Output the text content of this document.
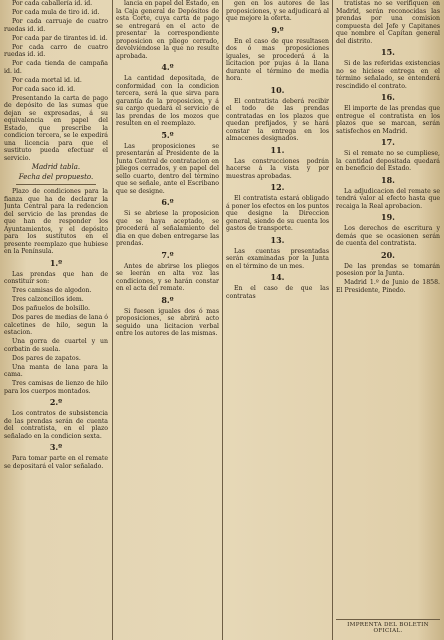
Por cada caballería id. id.

Por cada mula de tiro id. id.

Por cada carruaje de cuatro ruedas id. id.

Por cada par de tirantes id. id.

Por cada carro de cuatro ruedas id. id.

Por cada tienda de campaña id. id.

Por cada mortal id. id.

Por cada saco id. id.

Presentando la carta de pago de depósito de las sumas que dejan se expresadas, á su equivalencia en papel del Estado, que prescribe la condicion tercera, se le expedirá una licencia para que el sustituto pueda efectuar el servicio.

Madrid tabla.
Fecha del propuesto.

Plazo de condiciones para la fianza que ha de declarar la Junta Central para la redencion del servicio de las prendas de que han de responder los Ayuntamientos, y el depósito para los sustitutos en el presente reemplazo que hubiese en la Península.

1.º

Las prendas que han de constituir son:

Tres camisas de algodon.

Tres calzoncillos idem.

Dos pañuelos de bolsillo.

Dos pares de medias de lana ó calcetines de hilo, segun la estacion.

Una gorra de cuartel y un corbatin de suela.

Dos pares de zapatos.

Una manta de lana para la cama.

Tres camisas de lienzo de hilo para los cuerpos montados.

2.º

Los contratos de subsistencia de las prendas serán de cuenta del contratista, en el plazo señalado en la condicion sexta.

3.º

Para tomar parte en el remate se depositará el valor señalado.

lancia en papel del Estado, en la Caja general de Depósitos de esta Corte, cuya carta de pago se entregará en el acto de presentar la correspondiente proposicion en pliego cerrado, devolviéndose la que no resulte aprobada.

4.º

La cantidad depositada, de conformidad con la condicion tercera, será la que sirva para garantía de la proposicion, y á su cargo quedará el servicio de las prendas de los mozos que resulten en el reemplazo.

5.º

Las proposiciones se presentarán al Presidente de la Junta Central de contratacion en pliegos cerrados, y en papel del sello cuarto, dentro del término que se señale, ante el Escribano que se designe.

6.º

Si se abriese la proposicion que se haya aceptado, se procederá al señalamiento del dia en que deben entregarse las prendas.

7.º

Antes de abrirse los pliegos se leerán en alta voz las condiciones, y se harán constar en el acta del remate.

8.º

Si fuesen iguales dos ó mas proposiciones, se abrirá acto seguido una licitacion verbal entre los autores de las mismas.

gen en los autores de las proposiciones, y se adjudicará al que mejore la oferta.

9.º

En el caso de que resultasen dos ó mas proposiciones iguales, se procederá á la licitacion por pujas á la llana durante el término de media hora.

10.

El contratista deberá recibir el todo de las prendas contratadas en los plazos que quedan prefijados, y se hará constar la entrega en los almacenes designados.

11.

Las construcciones podrán hacerse á la vista y por muestras aprobadas.

12.

El contratista estará obligado á poner los efectos en los puntos que designe la Direccion general, siendo de su cuenta los gastos de transporte.

13.

Las cuentas presentadas serán examinadas por la Junta en el término de un mes.

14.

En el caso de que las contratas

tratistas no se verifiquen en Madrid, serán reconocidas las prendas por una comision compuesta del Jefe y Capitanes que nombre el Capitan general del distrito.

15.

Si de las referidas existencias no se hiciese entrega en el término señalado, se entenderá rescindido el contrato.

16.

El importe de las prendas que entregue el contratista en los plazos que se marcan, serán satisfechos en Madrid.

17.

Si el remate no se cumpliese, la cantidad depositada quedará en beneficio del Estado.

18.

La adjudicacion del remate se tendrá valor al efecto hasta que recaiga la Real aprobacion.

19.

Los derechos de escritura y demás que se ocasionen serán de cuenta del contratista.

20.

De las prendas se tomarán posesion por la Junta.

Madrid 1.º de Junio de 1858. El Presidente, Pinedo.

IMPRENTA DEL BOLETIN OFICIAL.
